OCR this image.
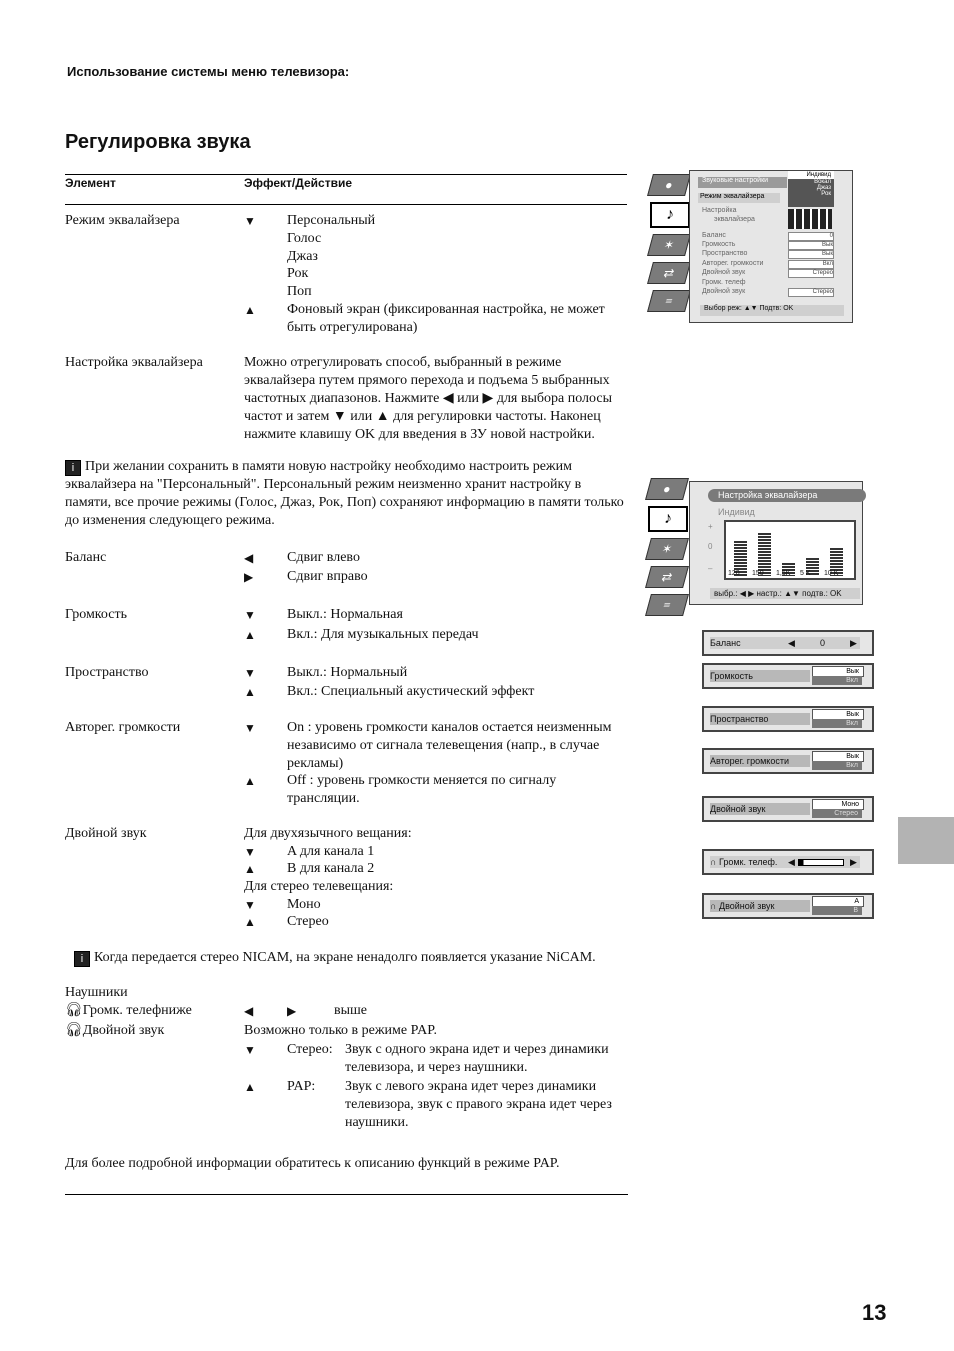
Использование системы меню телевизора:
Регулировка звука
Элемент	Эффект/Действие
Режим эквалайзера	▼ Персональный
Голос
Джаз
Рок
Поп
▲ Фоновый экран (фиксированная настройка, не может быть отрегулирована)
Настройка эквалайзера	Можно отрегулировать способ, выбранный в режиме эквалайзера путем прямого перехода и подъема 5 выбранных частотных диапазонов. Нажмите ◀ или ▶ для выбора полосы частот и затем ▼ или ▲ для регулировки частоты. Наконец нажмите клавишу OK для введения в ЗУ новой настройки.
i При желании сохранить в памяти новую настройку необходимо настроить режим эквалайзера на "Персональный". Персональный режим неизменно хранит настройку в памяти, все прочие режимы (Голос, Джаз, Рок, Поп) сохраняют информацию в памяти только до изменения следующего режима.
Баланс	◀	Сдвиг влево
▶	Сдвиг вправо
Громкость	▼ Выкл.: Нормальная
▲ Вкл.: Для музыкальных передач
Пространство	▼ Выкл.: Нормальный
▲ Вкл.: Специальный акустический эффект
Авторег. громкости	▼ On : уровень громкости каналов остается неизменным независимо от сигнала телевещения (напр., в случае рекламы)
▲ Off : уровень громкости меняется по сигналу трансляции.
Двойной звук	Для двухязычного вещания:
▼ A для канала 1
▲ B для канала 2
Для стерео телевещания:
▼ Моно
▲ Стерео
i Когда передается стерео NICAM, на экране ненадолго появляется указание NiCAM.
Наушники
🎧︎Громк. телефниже	◀	▶	выше
🎧︎Двойной звук	Возможно только в режиме PAP.
▼ Стерео: Звук с одного экрана идет и через динамики телевизора, и через наушники.
▲ PAP: Звук с левого экрана идет через динамики телевизора, звук с правого экрана идет через наушники.
Для более подробной информации обратитесь к описанию функций в режиме PAP.
●
♪
✶
⇄
≡
Звуковые настройки
Режим эквалайзера
Индивид
Вокал
Джаз
Рок
Настройка
эквалайзера
Баланс
Громкость
Пространство
Авторег. громкости
Двойной звук
Громк. телеф
Двойной звук
0
Вык
Вык
Вкл
Стерео
Стерео
Выбор реж: ▲▼ Подтв: OK
●
♪
✶
⇄
≡
Настройка эквалайзера
Индивид
+
0
–
120 150 1,5K 5 K 10 K
выбр.: ◀ ▶ настр.: ▲▼ подтв.: OK
Баланс	◀	0	▶
Громкость	Вык
Вкл
Пространство	Вык
Вкл
Авторег. громкости	Вык
Вкл
Двойной звук	Моно
Стерео
∩ Громк. телеф. ◀	▶
∩ Двойной звук	A
B
13
